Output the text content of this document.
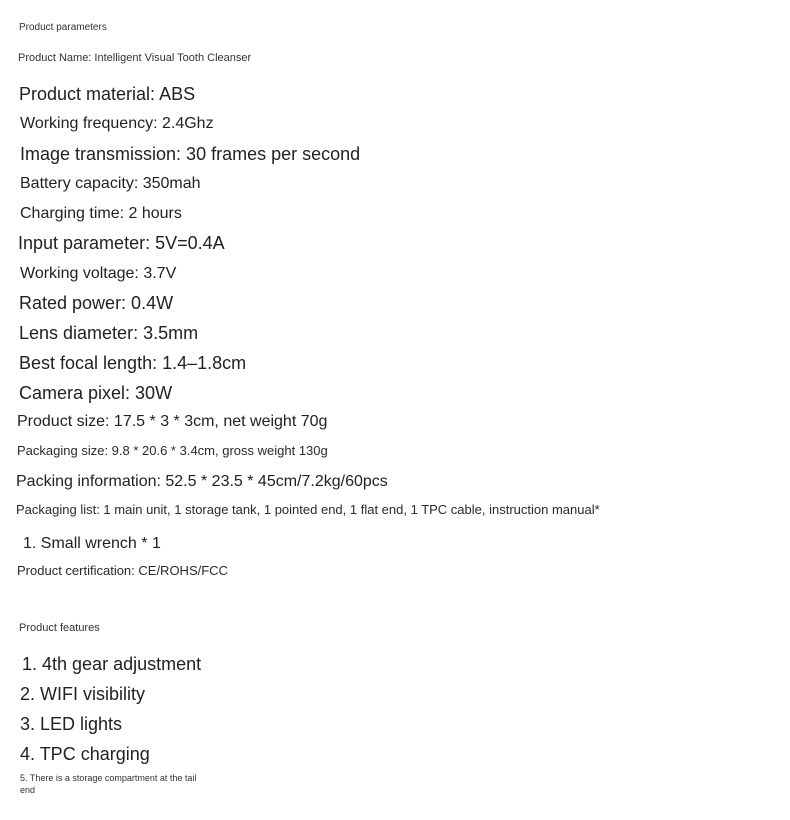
Product parameters
Product Name: Intelligent Visual Tooth Cleanser
Product material: ABS
Working frequency: 2.4Ghz
Image transmission: 30 frames per second
Battery capacity: 350mah
Charging time: 2 hours
Input parameter: 5V=0.4A
Working voltage: 3.7V
Rated power: 0.4W
Lens diameter: 3.5mm
Best focal length: 1.4–1.8cm
Camera pixel: 30W
Product size: 17.5 * 3 * 3cm, net weight 70g
Packaging size: 9.8 * 20.6 * 3.4cm, gross weight 130g
Packing information: 52.5 * 23.5 * 45cm/7.2kg/60pcs
Packaging list: 1 main unit, 1 storage tank, 1 pointed end, 1 flat end, 1 TPC cable, instruction manual*
1. Small wrench * 1
Product certification: CE/ROHS/FCC
Product features
1. 4th gear adjustment
2. WIFI visibility
3. LED lights
4. TPC charging
5. There is a storage compartment at the tail end
